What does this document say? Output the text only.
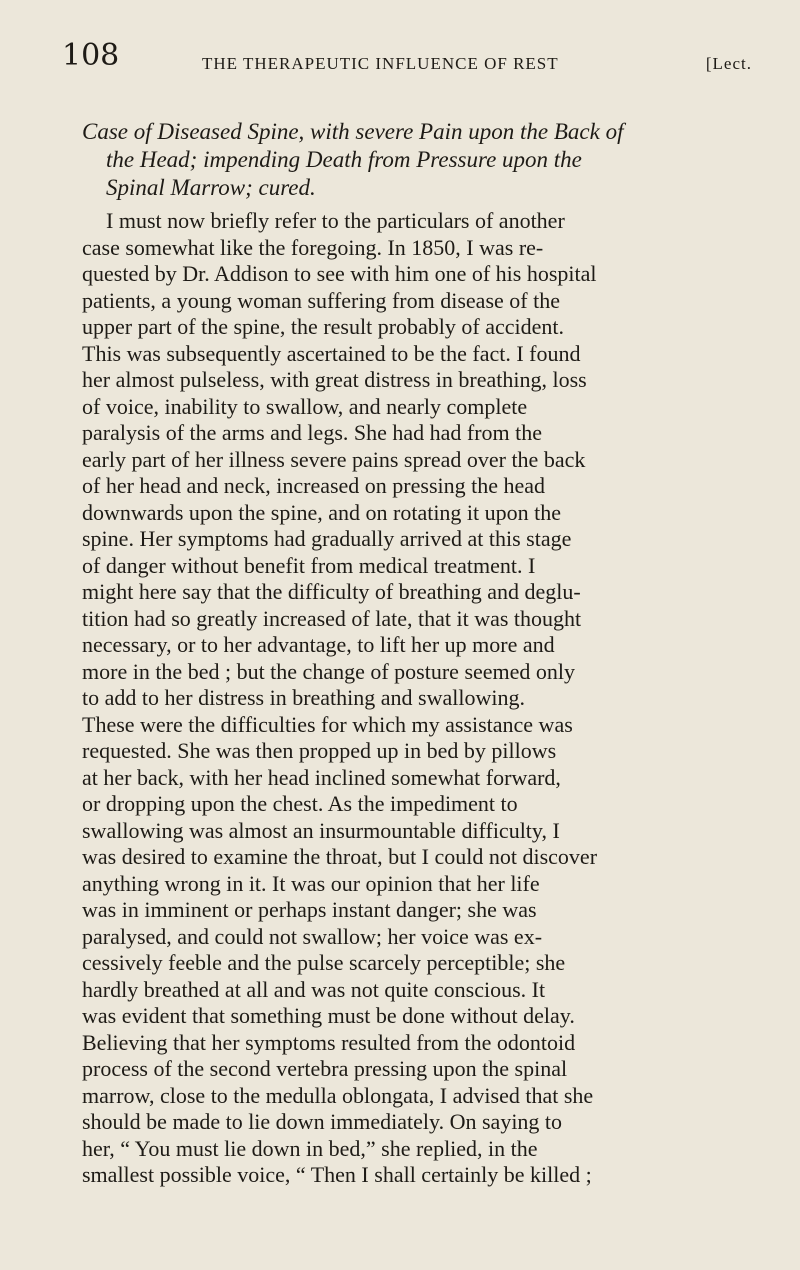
108	THE THERAPEUTIC INFLUENCE OF REST	[Lect.
Case of Diseased Spine, with severe Pain upon the Back of
the Head; impending Death from Pressure upon the
Spinal Marrow; cured.
I must now briefly refer to the particulars of another
case somewhat like the foregoing. In 1850, I was re-
quested by Dr. Addison to see with him one of his hospital
patients, a young woman suffering from disease of the
upper part of the spine, the result probably of accident.
This was subsequently ascertained to be the fact. I found
her almost pulseless, with great distress in breathing, loss
of voice, inability to swallow, and nearly complete
paralysis of the arms and legs. She had had from the
early part of her illness severe pains spread over the back
of her head and neck, increased on pressing the head
downwards upon the spine, and on rotating it upon the
spine. Her symptoms had gradually arrived at this stage
of danger without benefit from medical treatment. I
might here say that the difficulty of breathing and deglu-
tition had so greatly increased of late, that it was thought
necessary, or to her advantage, to lift her up more and
more in the bed ; but the change of posture seemed only
to add to her distress in breathing and swallowing.
These were the difficulties for which my assistance was
requested. She was then propped up in bed by pillows
at her back, with her head inclined somewhat forward,
or dropping upon the chest. As the impediment to
swallowing was almost an insurmountable difficulty, I
was desired to examine the throat, but I could not discover
anything wrong in it. It was our opinion that her life
was in imminent or perhaps instant danger; she was
paralysed, and could not swallow; her voice was ex-
cessively feeble and the pulse scarcely perceptible; she
hardly breathed at all and was not quite conscious. It
was evident that something must be done without delay.
Believing that her symptoms resulted from the odontoid
process of the second vertebra pressing upon the spinal
marrow, close to the medulla oblongata, I advised that she
should be made to lie down immediately. On saying to
her, “ You must lie down in bed,” she replied, in the
smallest possible voice, “ Then I shall certainly be killed ;
